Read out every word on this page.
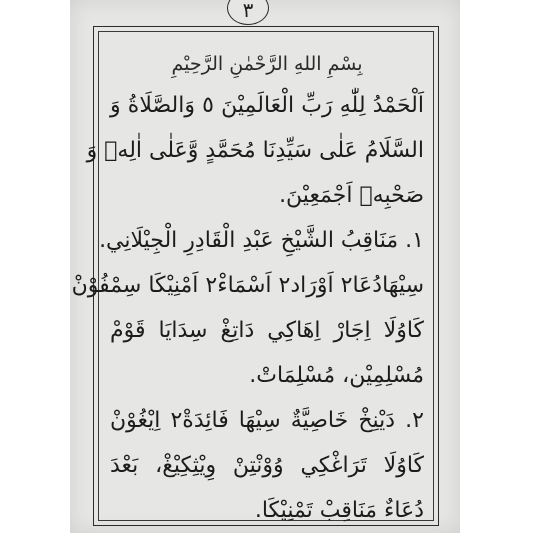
٣
بِسْمِ اللهِ الرَّحْمٰنِ الرَّحِيْمِ
اَلْحَمْدُ لِلّٰهِ رَبِّ الْعَالَمِيْنَ ٥ وَالصَّلَاةُ وَ
السَّلَامُ عَلٰى سَيِّدِنَا مُحَمَّدٍ وَّعَلٰى اٰلِهٖ وَ
صَحْبِهٖ اَجْمَعِيْنَ.
١. مَنَاقِبُ الشَّيْخِ عَبْدِ الْقَادِرِ الْجِيْلَانِي.
سِيْهَادُعَا٢ اَوْرَاد٢ اَسْمَاءْ٢ اَمْنِيْكَا سِمْفُوْنْ
كَاوُلَا اِجَارْ اِهَاكِي دَاتِغْ سِدَايَا قَوْمْ
مُسْلِمِيْن، مُسْلِمَاتْ.
٢. دَيْنِخْ خَاصِيَّةٌ سِيْهَا فَائِدَةْ٢ اِيْغُوْنْ
كَاوُلَا تَرَاغْكِي وُوْنْتِنْ وِيْثِكِيْغْ، بَعْدَ
دُعَاءٌ مَنَاقِبْ تَمْنِيْكَا.
